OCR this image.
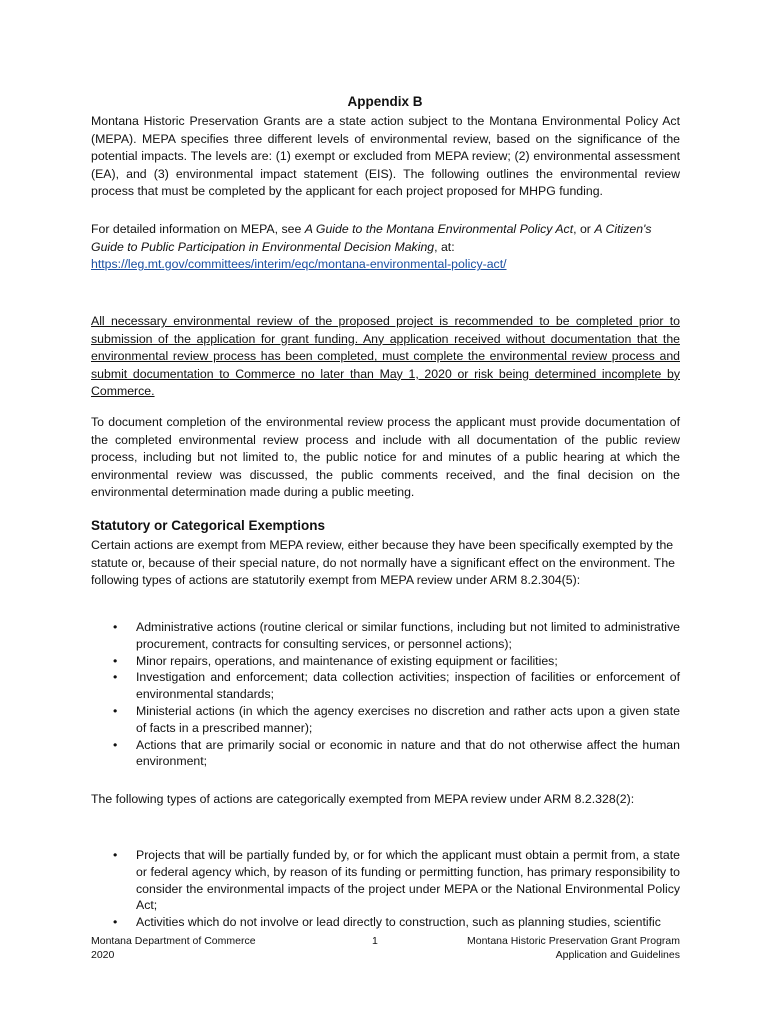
Appendix B

Montana Historic Preservation Grants are a state action subject to the Montana Environmental Policy Act (MEPA). MEPA specifies three different levels of environmental review, based on the significance of the potential impacts. The levels are: (1) exempt or excluded from MEPA review; (2) environmental assessment (EA), and (3) environmental impact statement (EIS). The following outlines the environmental review process that must be completed by the applicant for each project proposed for MHPG funding.

For detailed information on MEPA, see A Guide to the Montana Environmental Policy Act, or A Citizen's Guide to Public Participation in Environmental Decision Making, at:
https://leg.mt.gov/committees/interim/eqc/montana-environmental-policy-act/

All necessary environmental review of the proposed project is recommended to be completed prior to submission of the application for grant funding. Any application received without documentation that the environmental review process has been completed, must complete the environmental review process and submit documentation to Commerce no later than May 1, 2020 or risk being determined incomplete by Commerce.

To document completion of the environmental review process the applicant must provide documentation of the completed environmental review process and include with all documentation of the public review process, including but not limited to, the public notice for and minutes of a public hearing at which the environmental review was discussed, the public comments received, and the final decision on the environmental determination made during a public meeting.

Statutory or Categorical Exemptions

Certain actions are exempt from MEPA review, either because they have been specifically exempted by the statute or, because of their special nature, do not normally have a significant effect on the environment. The following types of actions are statutorily exempt from MEPA review under ARM 8.2.304(5):

• Administrative actions (routine clerical or similar functions, including but not limited to administrative procurement, contracts for consulting services, or personnel actions);
• Minor repairs, operations, and maintenance of existing equipment or facilities;
• Investigation and enforcement; data collection activities; inspection of facilities or enforcement of environmental standards;
• Ministerial actions (in which the agency exercises no discretion and rather acts upon a given state of facts in a prescribed manner);
• Actions that are primarily social or economic in nature and that do not otherwise affect the human environment;

The following types of actions are categorically exempted from MEPA review under ARM 8.2.328(2):

• Projects that will be partially funded by, or for which the applicant must obtain a permit from, a state or federal agency which, by reason of its funding or permitting function, has primary responsibility to consider the environmental impacts of the project under MEPA or the National Environmental Policy Act;
• Activities which do not involve or lead directly to construction, such as planning studies, scientific
Montana Department of Commerce
2020
1	Montana Historic Preservation Grant Program
Application and Guidelines
